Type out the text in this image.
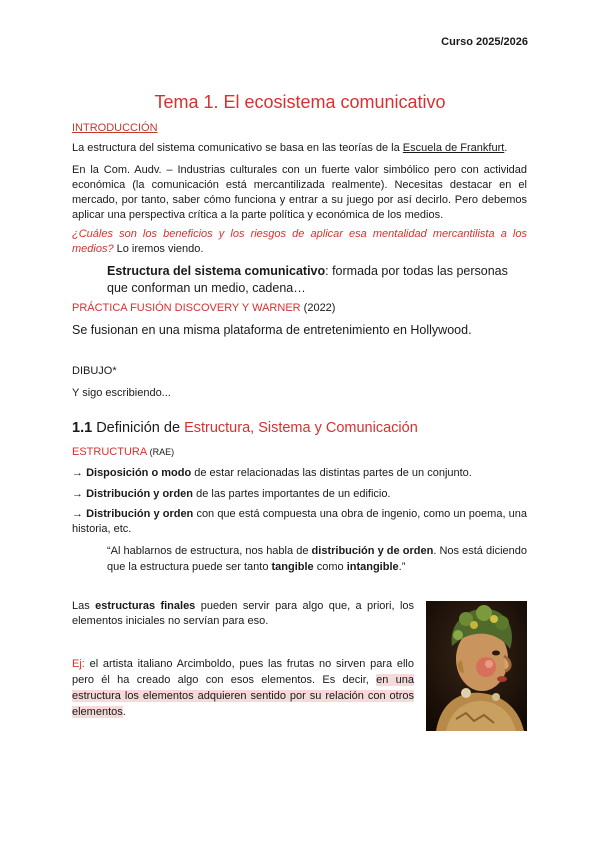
Curso 2025/2026
Tema 1. El ecosistema comunicativo
INTRODUCCIÓN
La estructura del sistema comunicativo se basa en las teorías de la Escuela de Frankfurt.
En la Com. Audv. – Industrias culturales con un fuerte valor simbólico pero con actividad económica (la comunicación está mercantilizada realmente). Necesitas destacar en el mercado, por tanto, saber cómo funciona y entrar a su juego por así decirlo. Pero debemos aplicar una perspectiva crítica a la parte política y económica de los medios.
¿Cuáles son los beneficios y los riesgos de aplicar esa mentalidad mercantilista a los medios? Lo iremos viendo.
Estructura del sistema comunicativo: formada por todas las personas que conforman un medio, cadena…
PRÁCTICA FUSIÓN DISCOVERY Y WARNER (2022)
Se fusionan en una misma plataforma de entretenimiento en Hollywood.
DIBUJO*
Y sigo escribiendo...
1.1 Definición de Estructura, Sistema y Comunicación
ESTRUCTURA (RAE)
→ Disposición o modo de estar relacionadas las distintas partes de un conjunto.
→ Distribución y orden de las partes importantes de un edificio.
→ Distribución y orden con que está compuesta una obra de ingenio, como un poema, una historia, etc.
“Al hablarnos de estructura, nos habla de distribución y de orden. Nos está diciendo que la estructura puede ser tanto tangible como intangible.”
Las estructuras finales pueden servir para algo que, a priori, los elementos iniciales no servían para eso.
Ej: el artista italiano Arcimboldo, pues las frutas no sirven para ello pero él ha creado algo con esos elementos. Es decir, en una estructura los elementos adquieren sentido por su relación con otros elementos.
